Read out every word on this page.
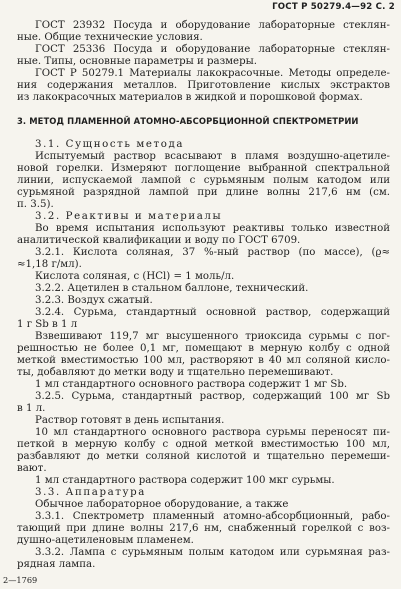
ГОСТ Р 50279.4—92 С. 2
ГОСТ 23932 Посуда и оборудование лабораторные стеклян-
ные. Общие технические условия.
ГОСТ 25336 Посуда и оборудование лабораторные стеклян-
ные. Типы, основные параметры и размеры.
ГОСТ Р 50279.1 Материалы лакокрасочные. Методы определе-
ния содержания металлов. Приготовление кислых экстрактов
из лакокрасочных материалов в жидкой и порошковой формах.
3. МЕТОД ПЛАМЕННОЙ АТОМНО-АБСОРБЦИОННОЙ СПЕКТРОМЕТРИИ
3.1. Сущность метода
Испытуемый раствор всасывают в пламя воздушно-ацетиле-
новой горелки. Измеряют поглощение выбранной спектральной
линии, испускаемой лампой с сурьмяным полым катодом или
сурьмяной разрядной лампой при длине волны 217,6 нм (см.
п. 3.5).
3.2. Реактивы и материалы
Во время испытания используют реактивы только известной
аналитической квалификации и воду по ГОСТ 6709.
3.2.1. Кислота соляная, 37 %-ный раствор (по массе), (ϱ≈
≈1,18 г/мл).
Кислота соляная, c (HCl) = 1 моль/л.
3.2.2. Ацетилен в стальном баллоне, технический.
3.2.3. Воздух сжатый.
3.2.4. Сурьма, стандартный основной раствор, содержащий
1 г Sb в 1 л
Взвешивают 119,7 мг высушенного триоксида сурьмы с пог-
решностью не более 0,1 мг, помещают в мерную колбу с одной
меткой вместимостью 100 мл, растворяют в 40 мл соляной кисло-
ты, добавляют до метки воду и тщательно перемешивают.
1 мл стандартного основного раствора содержит 1 мг Sb.
3.2.5. Сурьма, стандартный раствор, содержащий 100 мг Sb
в 1 л.
Раствор готовят в день испытания.
10 мл стандартного основного раствора сурьмы переносят пи-
петкой в мерную колбу с одной меткой вместимостью 100 мл,
разбавляют до метки соляной кислотой и тщательно перемеши-
вают.
1 мл стандартного раствора содержит 100 мкг сурьмы.
3.3. Аппаратура
Обычное лабораторное оборудование, а также
3.3.1. Спектрометр пламенный атомно-абсорбционный, рабо-
тающий при длине волны 217,6 нм, снабженный горелкой с воз-
душно-ацетиленовым пламенем.
3.3.2. Лампа с сурьмяным полым катодом или сурьмяная раз-
рядная лампа.
2—1769
